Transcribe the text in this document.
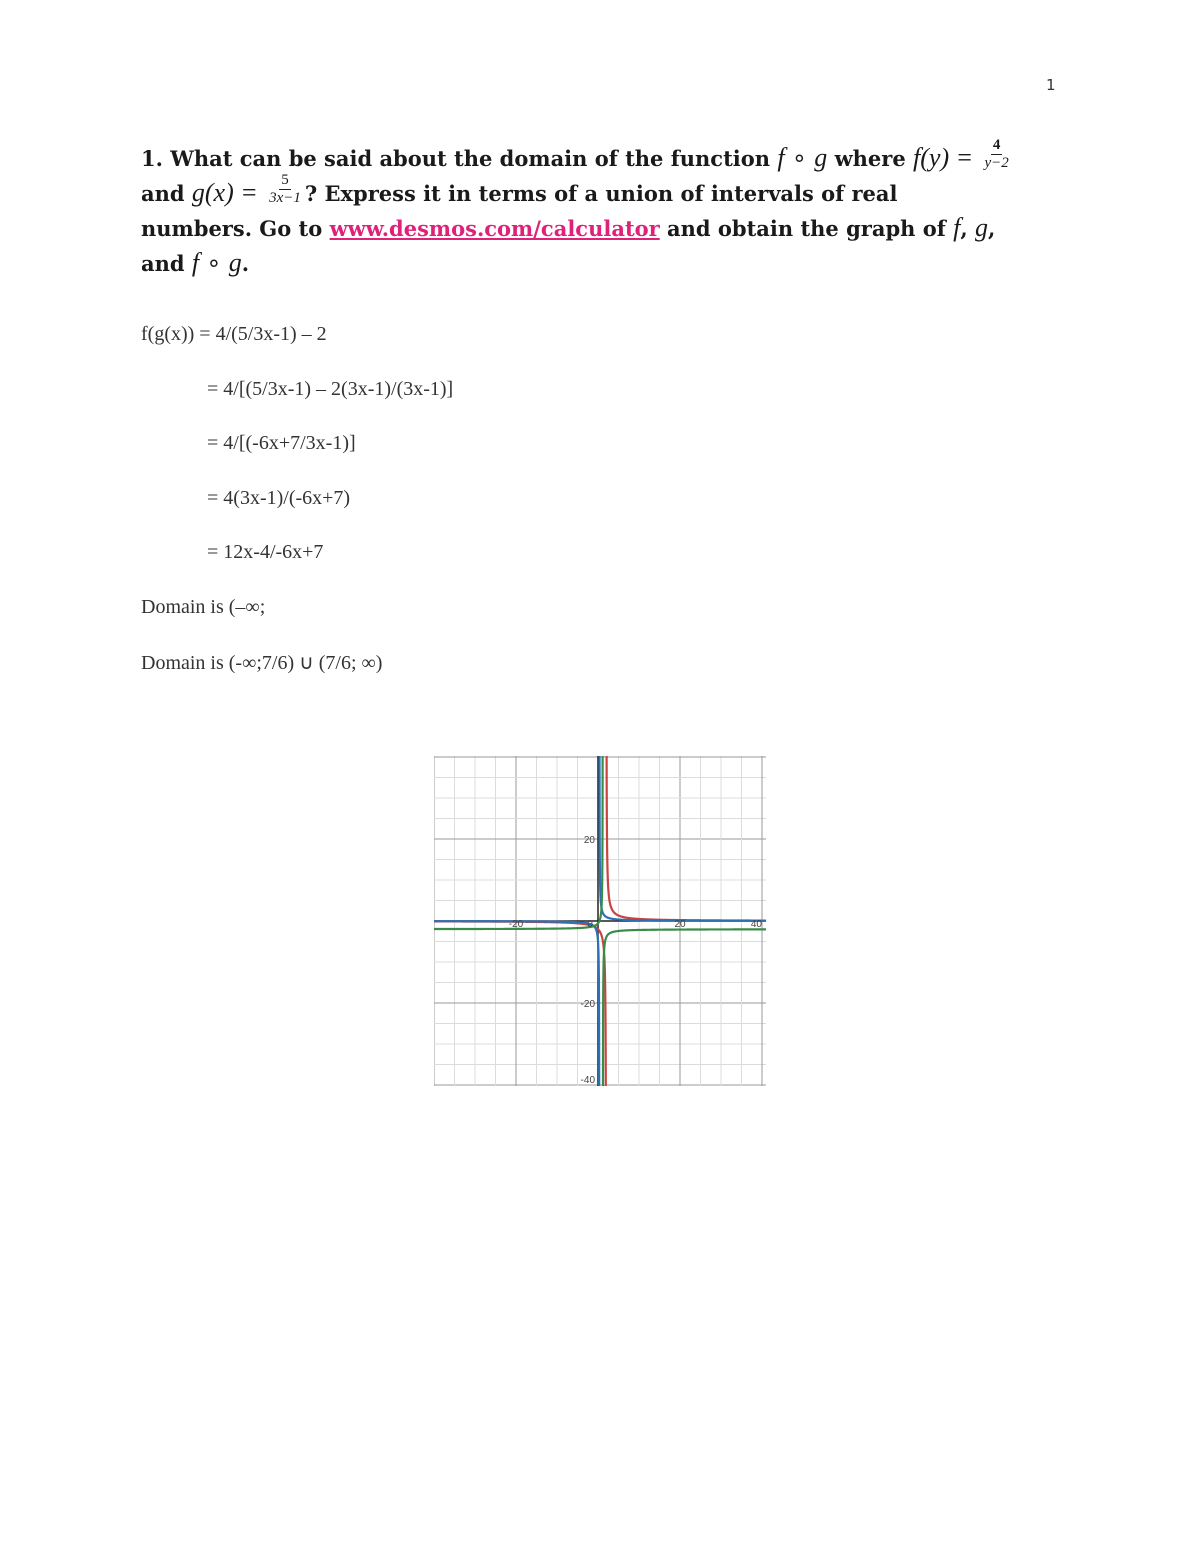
1
1. What can be said about the domain of the function f ∘ g where $f(y) = \frac{4}{y-2}$
and $g(x) = \frac{5}{3x-1}$ ? Express it in terms of a union of intervals of real
numbers. Go to www.desmos.com/calculator and obtain the graph of f, g,
and f ∘ g.
f(g(x)) = 4/(5/3x-1) – 2
= 4/[(5/3x-1) – 2(3x-1)/(3x-1)]
= 4/[(-6x+7/3x-1)]
= 4(3x-1)/(-6x+7)
= 12x-4/-6x+7
Domain is (–∞;
Domain is (-∞;7/6) ∪ (7/6; ∞)
-20	0	20	40
20
-20
-40
